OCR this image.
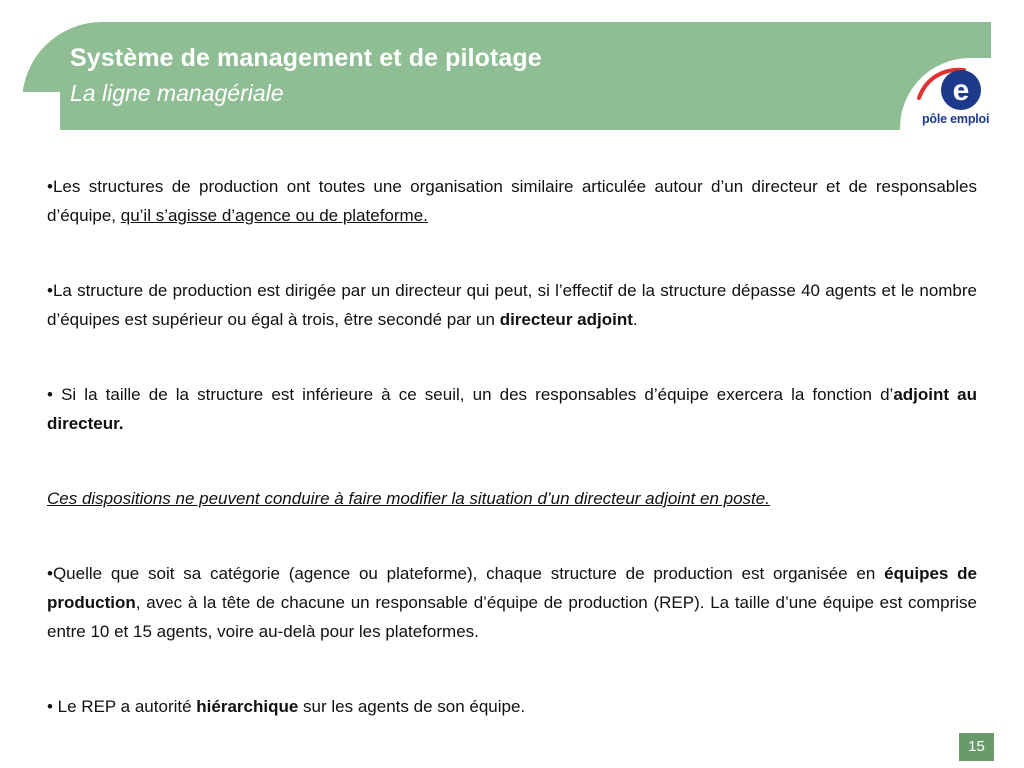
Système de management et de pilotage
La ligne managériale	e
pôle emploi

•Les structures de production ont toutes une organisation similaire articulée autour d’un directeur et de responsables d’équipe, qu’il s’agisse d’agence ou de plateforme.

•La structure de production est dirigée par un directeur qui peut, si l’effectif de la structure dépasse 40 agents et le nombre d’équipes est supérieur ou égal à trois, être secondé par un directeur adjoint.

• Si la taille de la structure est inférieure à ce seuil, un des responsables d’équipe exercera la fonction d’adjoint au directeur.

Ces dispositions ne peuvent conduire à faire modifier la situation d’un directeur adjoint en poste.

•Quelle que soit sa catégorie (agence ou plateforme), chaque structure de production est organisée en équipes de production, avec à la tête de chacune un responsable d’équipe de production (REP). La taille d’une équipe est comprise entre 10 et 15 agents, voire au-delà pour les plateformes.

• Le REP a autorité hiérarchique sur les agents de son équipe.

15
